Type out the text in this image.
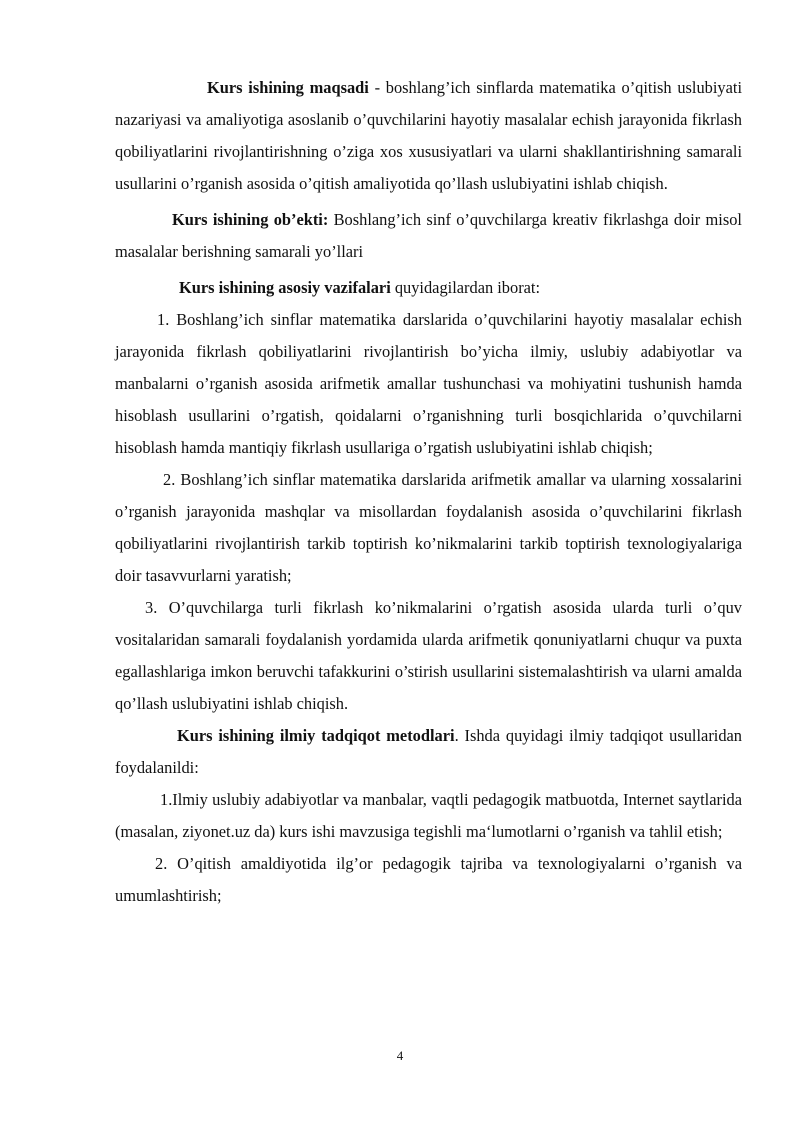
Kurs ishining maqsadi - boshlang’ich sinflarda matematika o’qitish uslubiyati nazariyasi va amaliyotiga asoslanib o’quvchilarini hayotiy masalalar echish jarayonida fikrlash qobiliyatlarini rivojlantirishning o’ziga xos xususiyatlari va ularni shakllantirishning samarali usullarini o’rganish asosida o’qitish amaliyotida qo’llash uslubiyatini ishlab chiqish.

Kurs ishining ob’ekti: Boshlang’ich sinf o’quvchilarga kreativ fikrlashga doir misol masalalar berishning samarali yo’llari

Kurs ishining asosiy vazifalari quyidagilardan iborat:

1. Boshlang’ich sinflar matematika darslarida o’quvchilarini hayotiy masalalar echish jarayonida fikrlash qobiliyatlarini rivojlantirish bo’yicha ilmiy, uslubiy adabiyotlar va manbalarni o’rganish asosida arifmetik amallar tushunchasi va mohiyatini tushunish hamda hisoblash usullarini o’rgatish, qoidalarni o’rganishning turli bosqichlarida o’quvchilarni hisoblash hamda mantiqiy fikrlash usullariga o’rgatish uslubiyatini ishlab chiqish;

2. Boshlang’ich sinflar matematika darslarida arifmetik amallar va ularning xossalarini o’rganish jarayonida mashqlar va misollardan foydalanish asosida o’quvchilarini fikrlash qobiliyatlarini rivojlantirish tarkib toptirish ko’nikmalarini tarkib toptirish texnologiyalariga doir tasavvurlarni yaratish;

3. O’quvchilarga turli fikrlash ko’nikmalarini o’rgatish asosida ularda turli o’quv vositalaridan samarali foydalanish yordamida ularda arifmetik qonuniyatlarni chuqur va puxta egallashlariga imkon beruvchi tafakkurini o’stirish usullarini sistemalashtirish va ularni amalda qo’llash uslubiyatini ishlab chiqish.

Kurs ishining ilmiy tadqiqot metodlari. Ishda quyidagi ilmiy tadqiqot usullaridan foydalanildi:

1.Ilmiy uslubiy adabiyotlar va manbalar, vaqtli pedagogik matbuotda, Internet saytlarida (masalan, ziyonet.uz da) kurs ishi mavzusiga tegishli ma‘lumotlarni o’rganish va tahlil etish;

2. O’qitish amaldiyotida ilg’or pedagogik tajriba va texnologiyalarni o’rganish va umumlashtirish;

4
